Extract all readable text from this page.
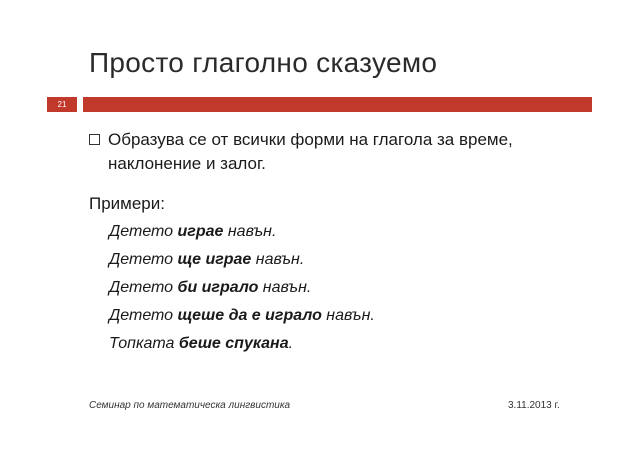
Просто глаголно сказуемо
21
Образува се от всички форми на глагола за време, наклонение и залог.
Примери:
Детето играе навън.
Детето ще играе навън.
Детето би играло навън.
Детето щеше да е играло навън.
Топката беше спукана.
Семинар по математическа лингвистика	3.11.2013 г.
